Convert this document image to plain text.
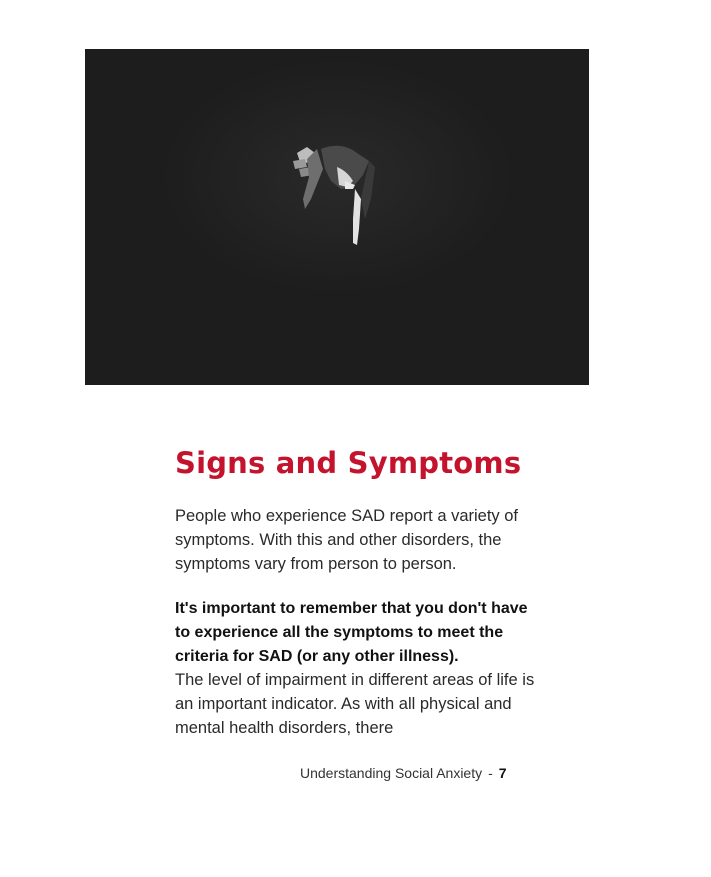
Signs and Symptoms

People who experience SAD report a variety of symptoms. With this and other disorders, the symptoms vary from person to person.

It's important to remember that you don't have to experience all the symptoms to meet the criteria for SAD (or any other illness).

The level of impairment in different areas of life is an important indicator. As with all physical and mental health disorders, there

Understanding Social Anxiety - 7
